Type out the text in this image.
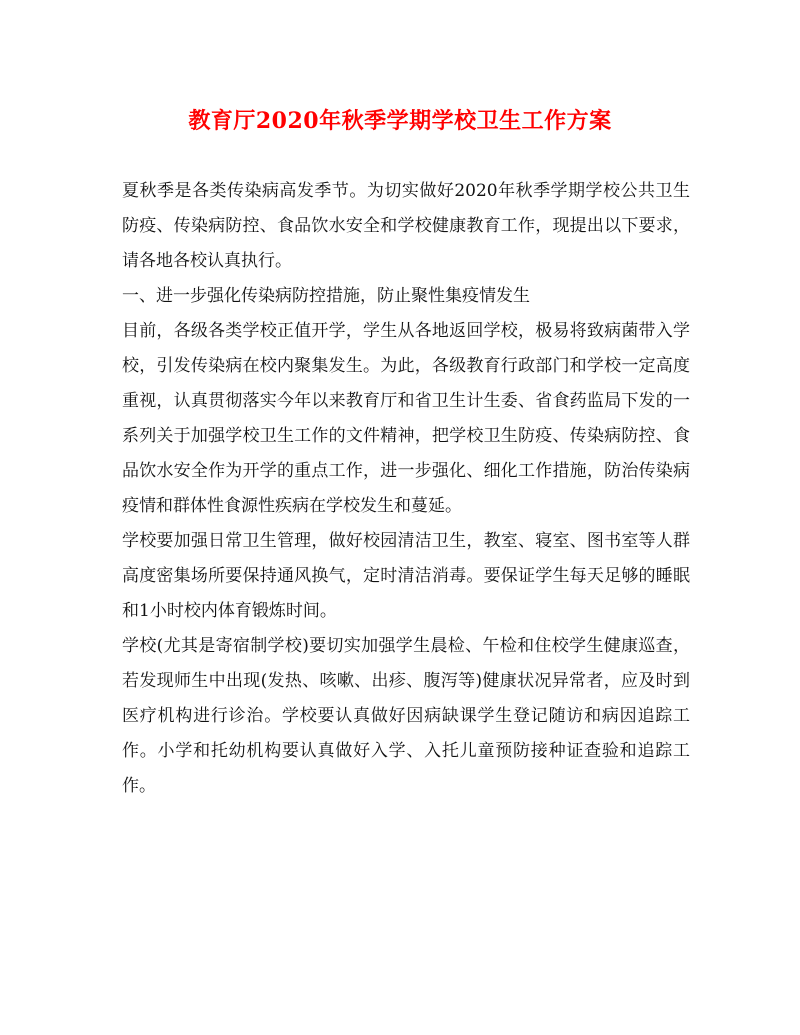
教育厅2020年秋季学期学校卫生工作方案

夏秋季是各类传染病高发季节。为切实做好2020年秋季学期学校公共卫生防疫、传染病防控、食品饮水安全和学校健康教育工作，现提出以下要求，请各地各校认真执行。

一、进一步强化传染病防控措施，防止聚性集疫情发生

目前，各级各类学校正值开学，学生从各地返回学校，极易将致病菌带入学校，引发传染病在校内聚集发生。为此，各级教育行政部门和学校一定高度重视，认真贯彻落实今年以来教育厅和省卫生计生委、省食药监局下发的一系列关于加强学校卫生工作的文件精神，把学校卫生防疫、传染病防控、食品饮水安全作为开学的重点工作，进一步强化、细化工作措施，防治传染病疫情和群体性食源性疾病在学校发生和蔓延。

学校要加强日常卫生管理，做好校园清洁卫生，教室、寝室、图书室等人群高度密集场所要保持通风换气，定时清洁消毒。要保证学生每天足够的睡眠和1小时校内体育锻炼时间。

学校(尤其是寄宿制学校)要切实加强学生晨检、午检和住校学生健康巡查，若发现师生中出现(发热、咳嗽、出疹、腹泻等)健康状况异常者，应及时到医疗机构进行诊治。学校要认真做好因病缺课学生登记随访和病因追踪工作。小学和托幼机构要认真做好入学、入托儿童预防接种证查验和追踪工作。
